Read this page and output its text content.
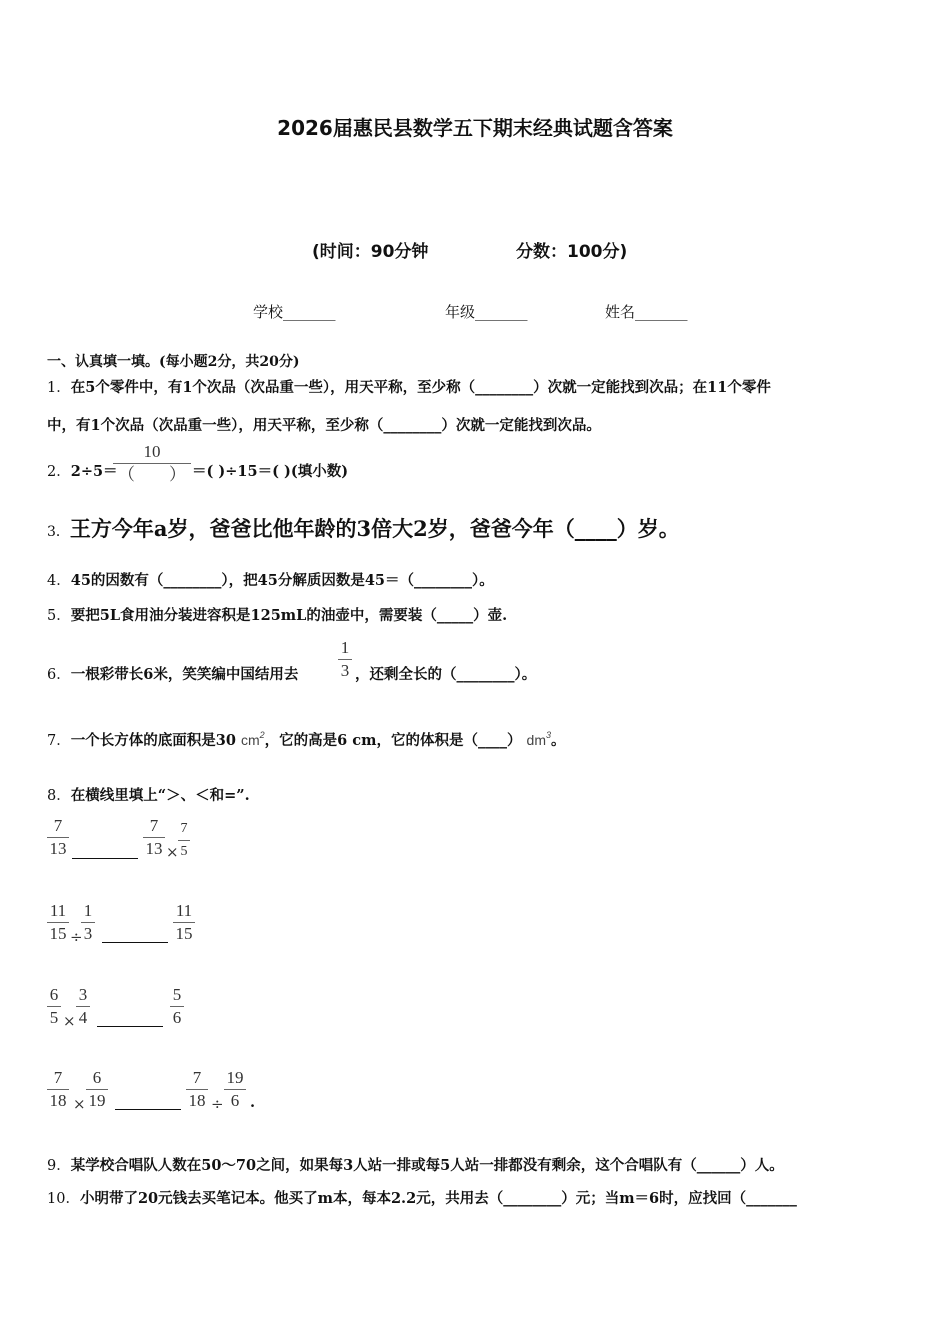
2026届惠民县数学五下期末经典试题含答案
(时间：90分钟	分数：100分)
学校_______	年级_______	姓名_______
一、认真填一填。(每小题2分，共20分)
1．在5个零件中，有1个次品（次品重一些），用天平称，至少称（________）次就一定能找到次品；在11个零件
中，有1个次品（次品重一些），用天平称，至少称（________）次就一定能找到次品。
2．2÷5＝
10
（　　） ＝( )÷15＝( )(填小数)
3．王方今年a岁，爸爸比他年龄的3倍大2岁，爸爸今年（____）岁。
4．45的因数有（________），把45分解质因数是45＝（________）。
5．要把5L食用油分装进容积是125mL的油壶中，需要装（_____）壶.
6．一根彩带长6米，笑笑编中国结用去
1
3 ，还剩全长的（________）。
7．一个长方体的底面积是30 $cm^2$，它的高是6 cm，它的体积是（____） $dm^3$。
8．在横线里填上“＞、＜和=”.
7
13
7
13 ×
7
5
11
15 ÷
1
3
11
15
6
5 ×
3
4
5
6
7
18 ×
6
19
7
18 ÷
19
6 .
9．某学校合唱队人数在50～70之间，如果每3人站一排或每5人站一排都没有剩余，这个合唱队有（______）人。
10．小明带了20元钱去买笔记本。他买了m本，每本2.2元，共用去（________）元；当m＝6时，应找回（_______
